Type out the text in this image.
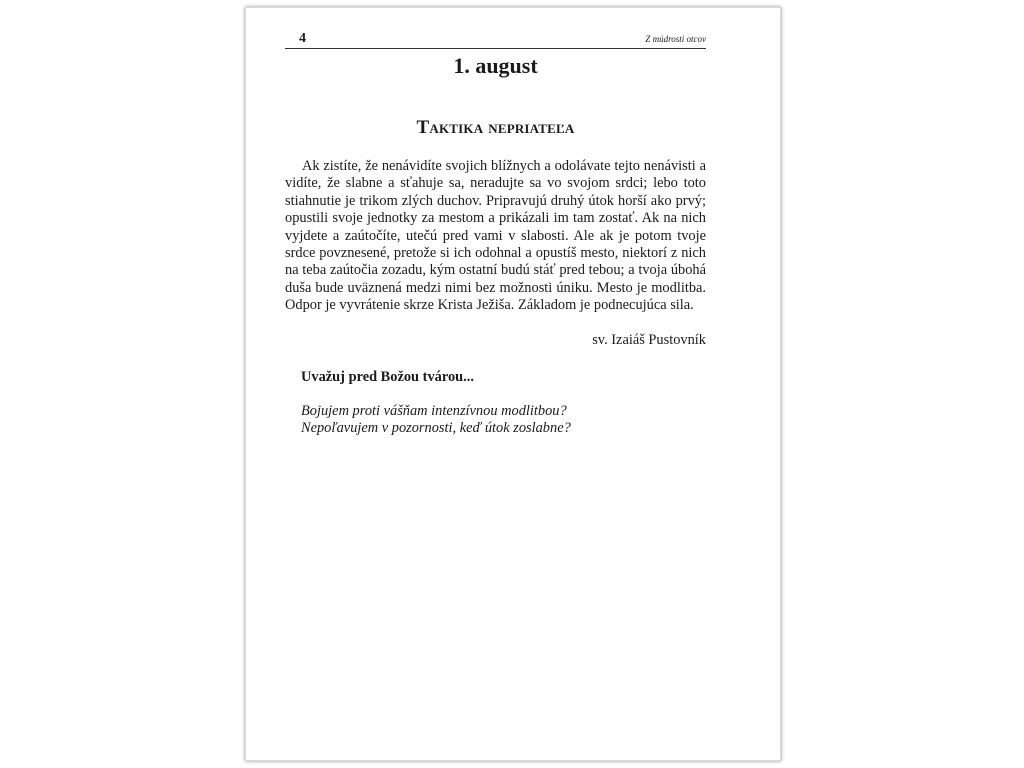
4	Z múdrosti otcov
1. august
Taktika nepriateľa

Ak zistíte, že nenávidíte svojich blížnych a odolávate tejto nenávisti a vidíte, že slabne a sťahuje sa, neradujte sa vo svojom srdci; lebo toto stiahnutie je trikom zlých duchov. Pripravujú druhý útok horší ako prvý; opustili svoje jednotky za mestom a prikázali im tam zostať. Ak na nich vyjdete a zaútočíte, utečú pred vami v slabosti. Ale ak je potom tvoje srdce povznesené, pretože si ich odohnal a opustíš mesto, niektorí z nich na teba zaútočia zozadu, kým ostatní budú stáť pred tebou; a tvoja úbohá duša bude uväznená medzi nimi bez možnosti úniku. Mesto je modlitba. Odpor je vyvrátenie skrze Krista Ježiša. Základom je podnecujúca sila.

sv. Izaiáš Pustovník
Uvažuj pred Božou tvárou...
Bojujem proti vášňam intenzívnou modlitbou?
Nepoľavujem v pozornosti, keď útok zoslabne?
